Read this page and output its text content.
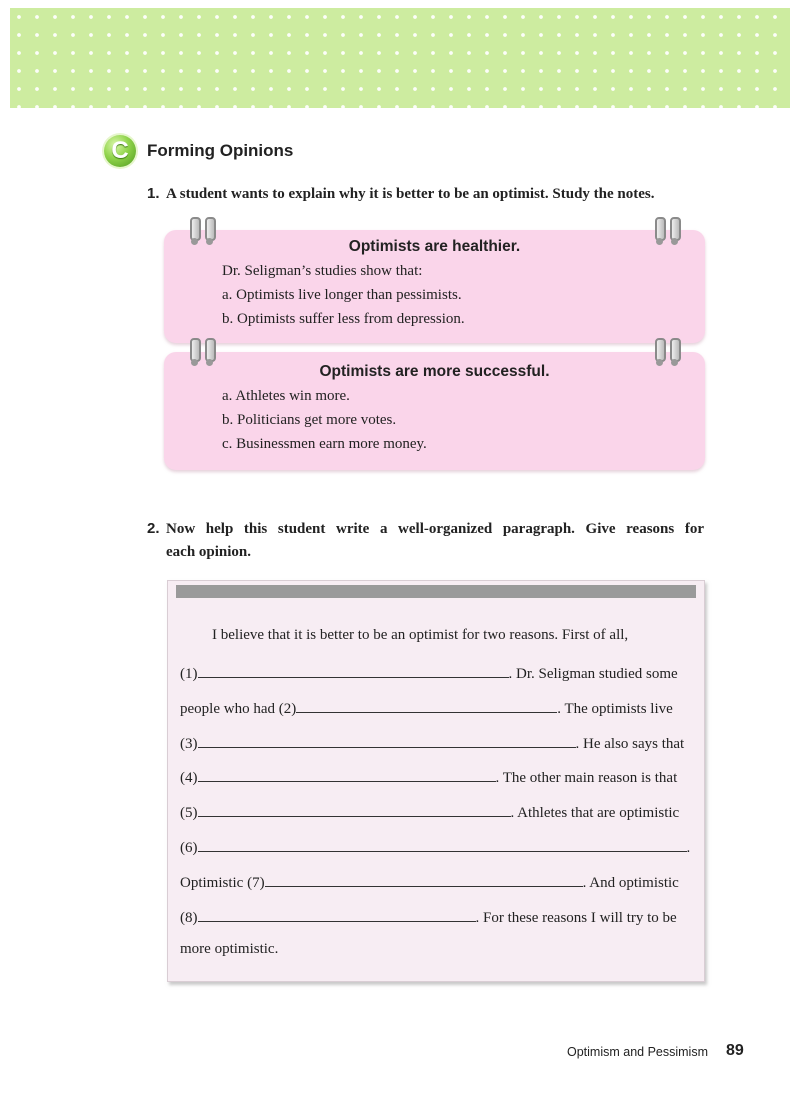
C	Forming Opinions
1. A student wants to explain why it is better to be an optimist. Study the notes.
Optimists are healthier.
Dr. Seligman’s studies show that:
a. Optimists live longer than pessimists.
b. Optimists suffer less from depression.
Optimists are more successful.
a. Athletes win more.
b. Politicians get more votes.
c. Businessmen earn more money.
2. Now help this student write a well-organized paragraph. Give reasons for
each opinion.
I believe that it is better to be an optimist for two reasons. First of all,
(1)	. Dr. Seligman studied some
people who had (2)	. The optimists live
(3)	. He also says that
(4)	. The other main reason is that
(5)	. Athletes that are optimistic
(6)	.
Optimistic (7)	. And optimistic
(8)	. For these reasons I will try to be
more optimistic.
Optimism and Pessimism 89
